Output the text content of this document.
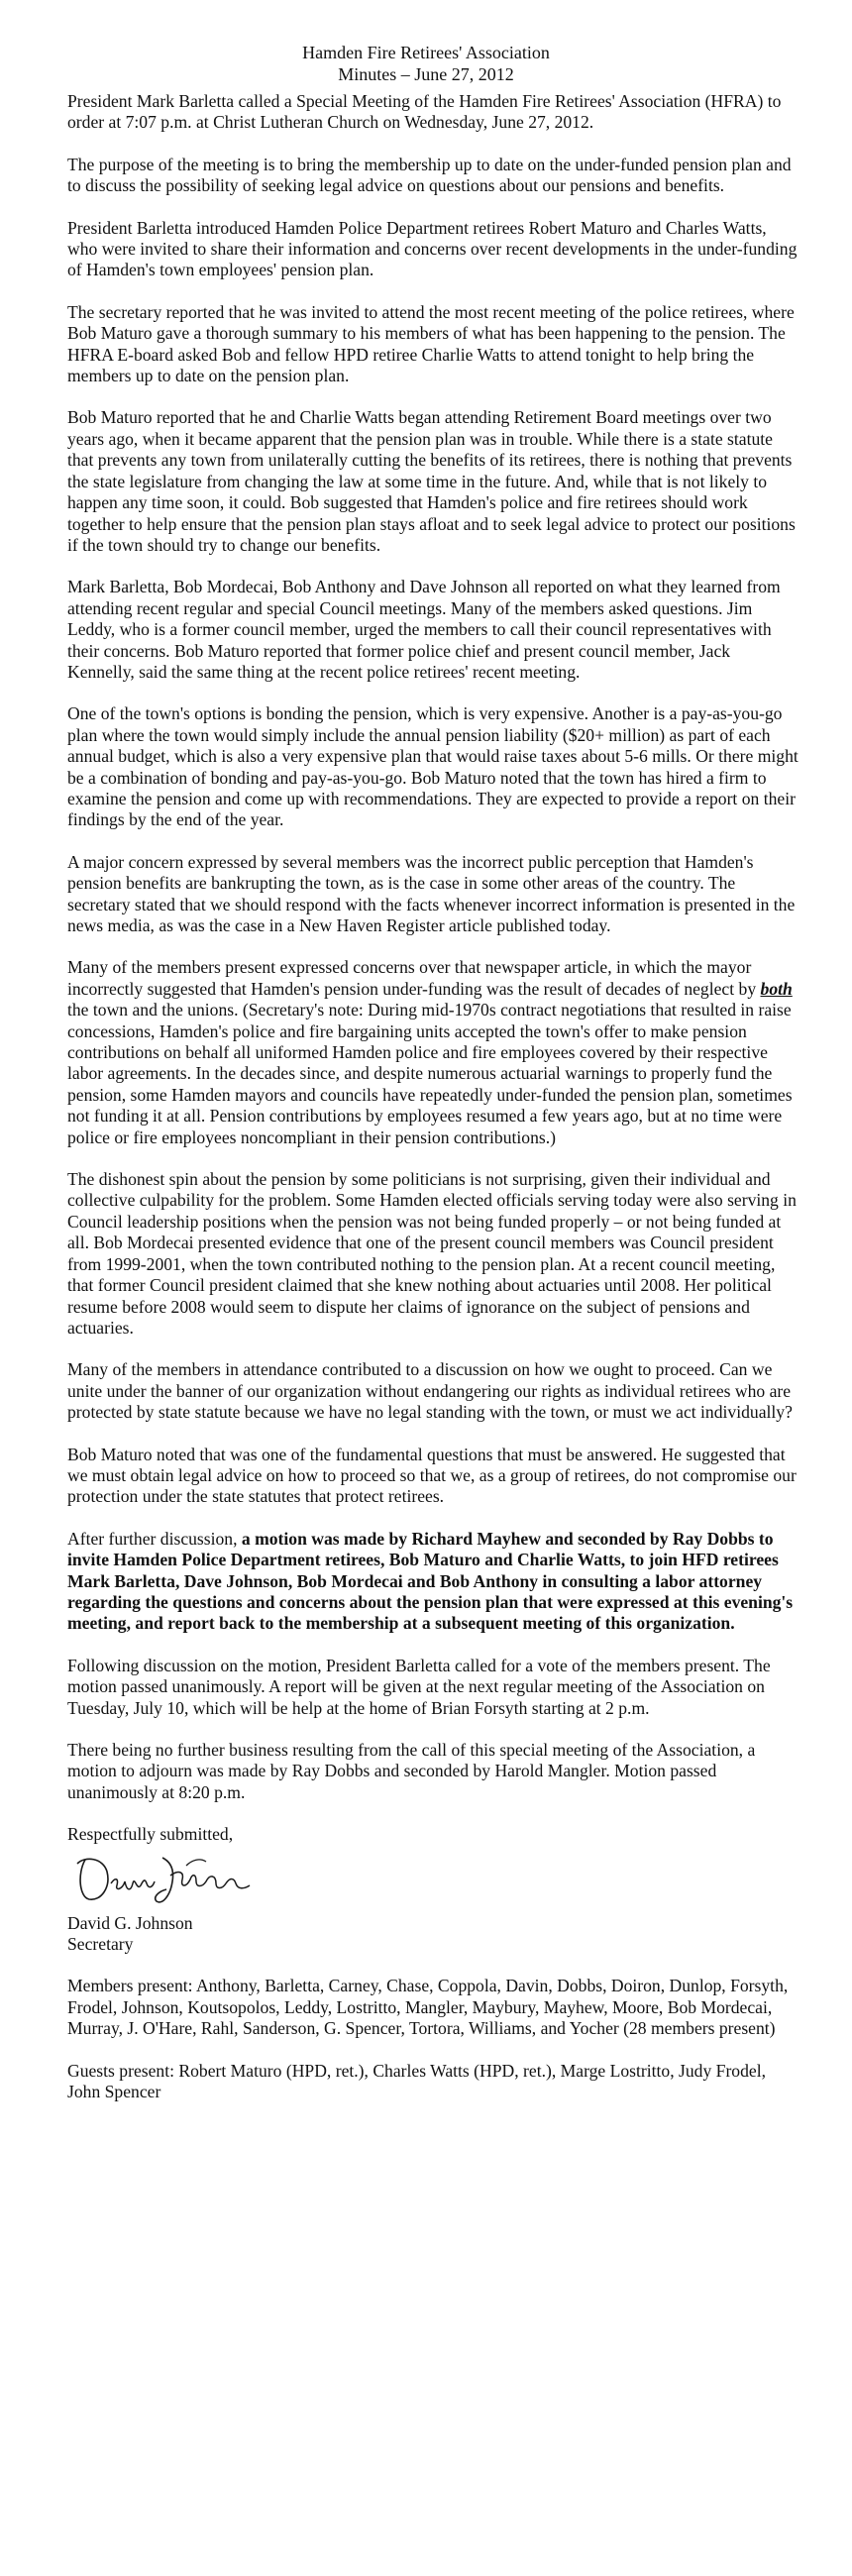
Hamden Fire Retirees' Association
Minutes – June 27, 2012

President Mark Barletta called a Special Meeting of the Hamden Fire Retirees' Association (HFRA) to order at 7:07 p.m. at Christ Lutheran Church on Wednesday, June 27, 2012.

The purpose of the meeting is to bring the membership up to date on the under-funded pension plan and to discuss the possibility of seeking legal advice on questions about our pensions and benefits.

President Barletta introduced Hamden Police Department retirees Robert Maturo and Charles Watts, who were invited to share their information and concerns over recent developments in the under-funding of Hamden's town employees' pension plan.

The secretary reported that he was invited to attend the most recent meeting of the police retirees, where Bob Maturo gave a thorough summary to his members of what has been happening to the pension. The HFRA E-board asked Bob and fellow HPD retiree Charlie Watts to attend tonight to help bring the members up to date on the pension plan.

Bob Maturo reported that he and Charlie Watts began attending Retirement Board meetings over two years ago, when it became apparent that the pension plan was in trouble. While there is a state statute that prevents any town from unilaterally cutting the benefits of its retirees, there is nothing that prevents the state legislature from changing the law at some time in the future. And, while that is not likely to happen any time soon, it could. Bob suggested that Hamden's police and fire retirees should work together to help ensure that the pension plan stays afloat and to seek legal advice to protect our positions if the town should try to change our benefits.

Mark Barletta, Bob Mordecai, Bob Anthony and Dave Johnson all reported on what they learned from attending recent regular and special Council meetings. Many of the members asked questions. Jim Leddy, who is a former council member, urged the members to call their council representatives with their concerns. Bob Maturo reported that former police chief and present council member, Jack Kennelly, said the same thing at the recent police retirees' recent meeting.

One of the town's options is bonding the pension, which is very expensive. Another is a pay-as-you-go plan where the town would simply include the annual pension liability ($20+ million) as part of each annual budget, which is also a very expensive plan that would raise taxes about 5-6 mills. Or there might be a combination of bonding and pay-as-you-go. Bob Maturo noted that the town has hired a firm to examine the pension and come up with recommendations. They are expected to provide a report on their findings by the end of the year.

A major concern expressed by several members was the incorrect public perception that Hamden's pension benefits are bankrupting the town, as is the case in some other areas of the country. The secretary stated that we should respond with the facts whenever incorrect information is presented in the news media, as was the case in a New Haven Register article published today.

Many of the members present expressed concerns over that newspaper article, in which the mayor incorrectly suggested that Hamden's pension under-funding was the result of decades of neglect by both the town and the unions. (Secretary's note: During mid-1970s contract negotiations that resulted in raise concessions, Hamden's police and fire bargaining units accepted the town's offer to make pension contributions on behalf all uniformed Hamden police and fire employees covered by their respective labor agreements. In the decades since, and despite numerous actuarial warnings to properly fund the pension, some Hamden mayors and councils have repeatedly under-funded the pension plan, sometimes not funding it at all. Pension contributions by employees resumed a few years ago, but at no time were police or fire employees noncompliant in their pension contributions.)

The dishonest spin about the pension by some politicians is not surprising, given their individual and collective culpability for the problem. Some Hamden elected officials serving today were also serving in Council leadership positions when the pension was not being funded properly – or not being funded at all. Bob Mordecai presented evidence that one of the present council members was Council president from 1999-2001, when the town contributed nothing to the pension plan. At a recent council meeting, that former Council president claimed that she knew nothing about actuaries until 2008. Her political resume before 2008 would seem to dispute her claims of ignorance on the subject of pensions and actuaries.

Many of the members in attendance contributed to a discussion on how we ought to proceed. Can we unite under the banner of our organization without endangering our rights as individual retirees who are protected by state statute because we have no legal standing with the town, or must we act individually?

Bob Maturo noted that was one of the fundamental questions that must be answered. He suggested that we must obtain legal advice on how to proceed so that we, as a group of retirees, do not compromise our protection under the state statutes that protect retirees.

After further discussion, a motion was made by Richard Mayhew and seconded by Ray Dobbs to invite Hamden Police Department retirees, Bob Maturo and Charlie Watts, to join HFD retirees Mark Barletta, Dave Johnson, Bob Mordecai and Bob Anthony in consulting a labor attorney regarding the questions and concerns about the pension plan that were expressed at this evening's meeting, and report back to the membership at a subsequent meeting of this organization.

Following discussion on the motion, President Barletta called for a vote of the members present. The motion passed unanimously. A report will be given at the next regular meeting of the Association on Tuesday, July 10, which will be help at the home of Brian Forsyth starting at 2 p.m.

There being no further business resulting from the call of this special meeting of the Association, a motion to adjourn was made by Ray Dobbs and seconded by Harold Mangler. Motion passed unanimously at 8:20 p.m.

Respectfully submitted,
David G. Johnson
Secretary

Members present: Anthony, Barletta, Carney, Chase, Coppola, Davin, Dobbs, Doiron, Dunlop, Forsyth, Frodel, Johnson, Koutsopolos, Leddy, Lostritto, Mangler, Maybury, Mayhew, Moore, Bob Mordecai, Murray, J. O'Hare, Rahl, Sanderson, G. Spencer, Tortora, Williams, and Yocher (28 members present)

Guests present: Robert Maturo (HPD, ret.), Charles Watts (HPD, ret.), Marge Lostritto, Judy Frodel, John Spencer
